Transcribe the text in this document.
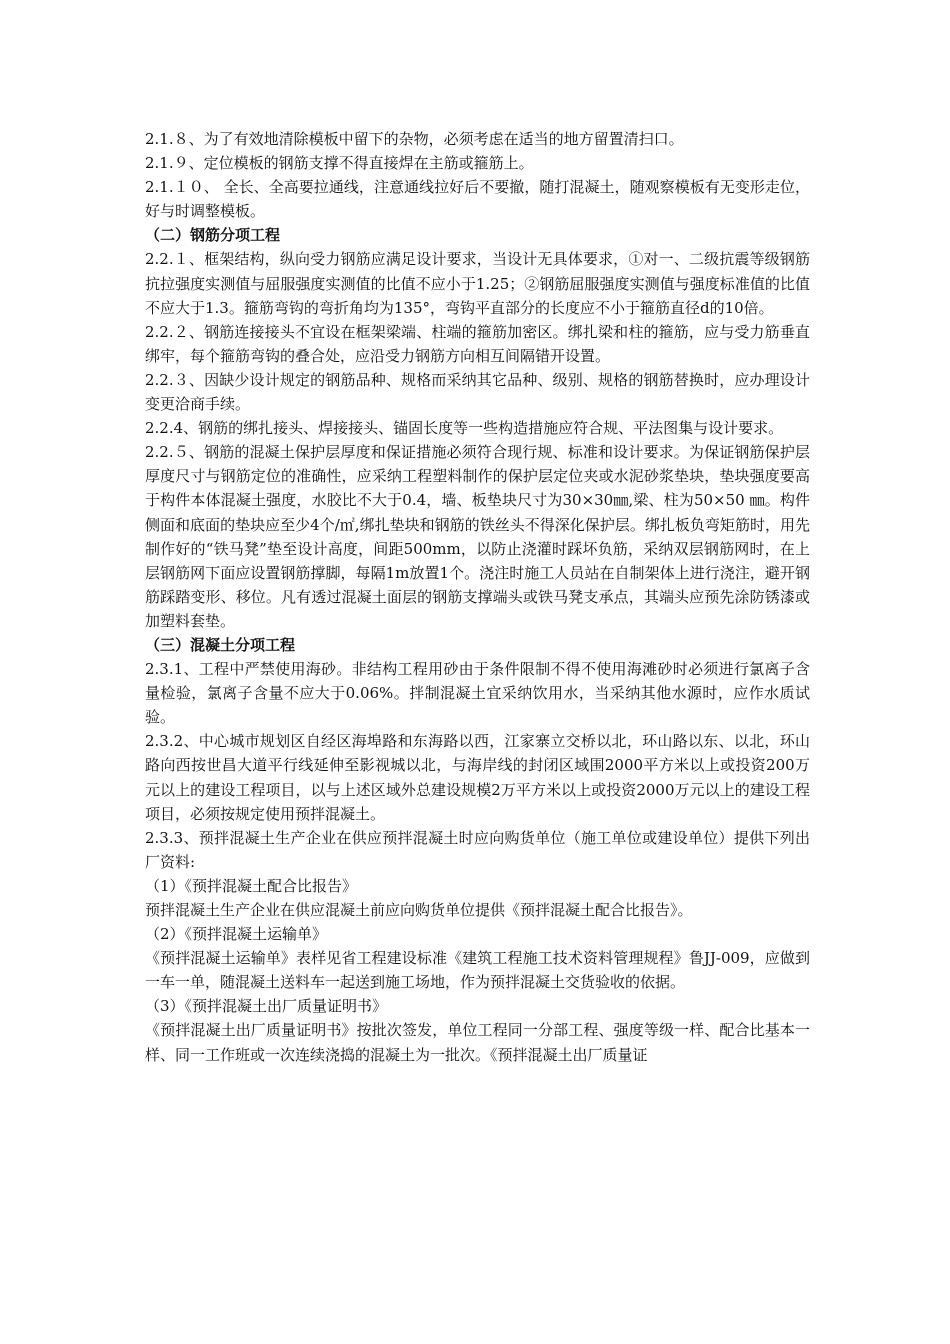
2.1.８、为了有效地清除模板中留下的杂物，必须考虑在适当的地方留置清扫口。

2.1.９、定位模板的钢筋支撑不得直接焊在主筋或箍筋上。

2.1.１０、 全长、全高要拉通线，注意通线拉好后不要撤，随打混凝土，随观察模板有无变形走位，好与时调整模板。

（二）钢筋分项工程

2.2.１、框架结构，纵向受力钢筋应满足设计要求，当设计无具体要求，①对一、二级抗震等级钢筋抗拉强度实测值与屈服强度实测值的比值不应小于1.25；②钢筋屈服强度实测值与强度标准值的比值不应大于1.3。箍筋弯钩的弯折角均为135°，弯钩平直部分的长度应不小于箍筋直径d的10倍。

2.2.２、钢筋连接接头不宜设在框架梁端、柱端的箍筋加密区。绑扎梁和柱的箍筋，应与受力筋垂直绑牢，每个箍筋弯钩的叠合处，应沿受力钢筋方向相互间隔错开设置。

2.2.３、因缺少设计规定的钢筋品种、规格而采纳其它品种、级别、规格的钢筋替换时，应办理设计变更洽商手续。

2.2.4、钢筋的绑扎接头、焊接接头、锚固长度等一些构造措施应符合规、平法图集与设计要求。

2.2.５、钢筋的混凝土保护层厚度和保证措施必须符合现行规、标准和设计要求。为保证钢筋保护层厚度尺寸与钢筋定位的准确性，应采纳工程塑料制作的保护层定位夹或水泥砂浆垫块，垫块强度要高于构件本体混凝土强度，水胶比不大于0.4，墙、板垫块尺寸为30×30㎜,梁、柱为50×50 ㎜。构件侧面和底面的垫块应至少4个/㎡,绑扎垫块和钢筋的铁丝头不得深化保护层。绑扎板负弯矩筋时，用先制作好的“铁马凳”垫至设计高度，间距500mm，以防止浇灌时踩坏负筋，采纳双层钢筋网时，在上层钢筋网下面应设置钢筋撑脚，每隔1m放置1个。浇注时施工人员站在自制架体上进行浇注，避开钢筋踩踏变形、移位。凡有透过混凝土面层的钢筋支撑端头或铁马凳支承点，其端头应预先涂防锈漆或加塑料套垫。

（三）混凝土分项工程

2.3.1、工程中严禁使用海砂。非结构工程用砂由于条件限制不得不使用海滩砂时必须进行氯离子含量检验，氯离子含量不应大于0.06%。拌制混凝土宜采纳饮用水，当采纳其他水源时，应作水质试验。

2.3.2、中心城市规划区自经区海埠路和东海路以西，江家寨立交桥以北，环山路以东、以北，环山路向西按世昌大道平行线延伸至影视城以北，与海岸线的封闭区域围2000平方米以上或投资200万元以上的建设工程项目，以与上述区域外总建设规模2万平方米以上或投资2000万元以上的建设工程项目，必须按规定使用预拌混凝土。

2.3.3、预拌混凝土生产企业在供应预拌混凝土时应向购货单位（施工单位或建设单位）提供下列出厂资料:

（1）《预拌混凝土配合比报告》

预拌混凝土生产企业在供应混凝土前应向购货单位提供《预拌混凝土配合比报告》。

（2）《预拌混凝土运输单》

《预拌混凝土运输单》表样见省工程建设标准《建筑工程施工技术资料管理规程》鲁JJ-009，应做到一车一单，随混凝土送料车一起送到施工场地，作为预拌混凝土交货验收的依据。

（3）《预拌混凝土出厂质量证明书》

《预拌混凝土出厂质量证明书》按批次签发，单位工程同一分部工程、强度等级一样、配合比基本一样、同一工作班或一次连续浇捣的混凝土为一批次。《预拌混凝土出厂质量证
